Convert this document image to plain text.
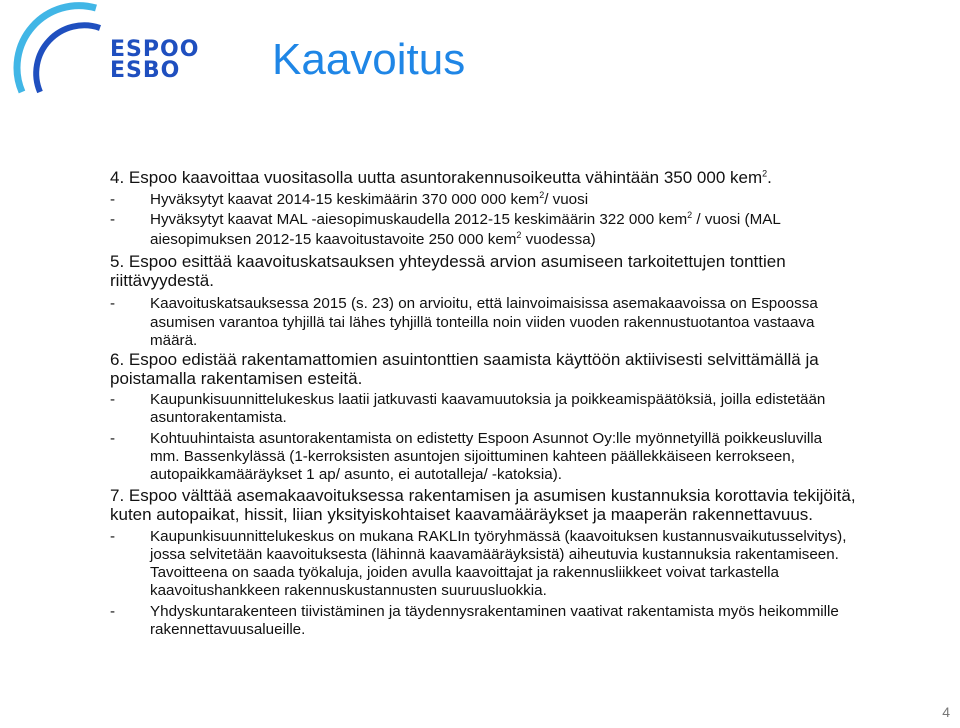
ESPOO
ESBO Kaavoitus
4. Espoo kaavoittaa vuositasolla uutta asuntorakennusoikeutta vähintään 350 000 kem$^2$.
- Hyväksytyt kaavat 2014-15 keskimäärin 370 000 000 kem$^2$/ vuosi
- Hyväksytyt kaavat MAL -aiesopimuskaudella 2012-15 keskimäärin 322 000 kem$^2$ / vuosi (MAL
aiesopimuksen 2012-15 kaavoitustavoite 250 000 kem$^2$ vuodessa)
5. Espoo esittää kaavoituskatsauksen yhteydessä arvion asumiseen tarkoitettujen tonttien
riittävyydestä.
- Kaavoituskatsauksessa 2015 (s. 23) on arvioitu, että lainvoimaisissa asemakaavoissa on Espoossa
asumisen varantoa tyhjillä tai lähes tyhjillä tonteilla noin viiden vuoden rakennustuotantoa vastaava
määrä.
6. Espoo edistää rakentamattomien asuintonttien saamista käyttöön aktiivisesti selvittämällä ja
poistamalla rakentamisen esteitä.
- Kaupunkisuunnittelukeskus laatii jatkuvasti kaavamuutoksia ja poikkeamispäätöksiä, joilla edistetään
asuntorakentamista.
- Kohtuuhintaista asuntorakentamista on edistetty Espoon Asunnot Oy:lle myönnetyillä poikkeusluvilla
mm. Bassenkylässä (1-kerroksisten asuntojen sijoittuminen kahteen päällekkäiseen kerrokseen,
autopaikkamääräykset 1 ap/ asunto, ei autotalleja/ -katoksia).
7. Espoo välttää asemakaavoituksessa rakentamisen ja asumisen kustannuksia korottavia tekijöitä,
kuten autopaikat, hissit, liian yksityiskohtaiset kaavamääräykset ja maaperän rakennettavuus.
- Kaupunkisuunnittelukeskus on mukana RAKLIn työryhmässä (kaavoituksen kustannusvaikutusselvitys),
jossa selvitetään kaavoituksesta (lähinnä kaavamääräyksistä) aiheutuvia kustannuksia rakentamiseen.
Tavoitteena on saada työkaluja, joiden avulla kaavoittajat ja rakennusliikkeet voivat tarkastella
kaavoitushankkeen rakennuskustannusten suuruusluokkia.
- Yhdyskuntarakenteen tiivistäminen ja täydennysrakentaminen vaativat rakentamista myös heikommille
rakennettavuusalueille.
4
